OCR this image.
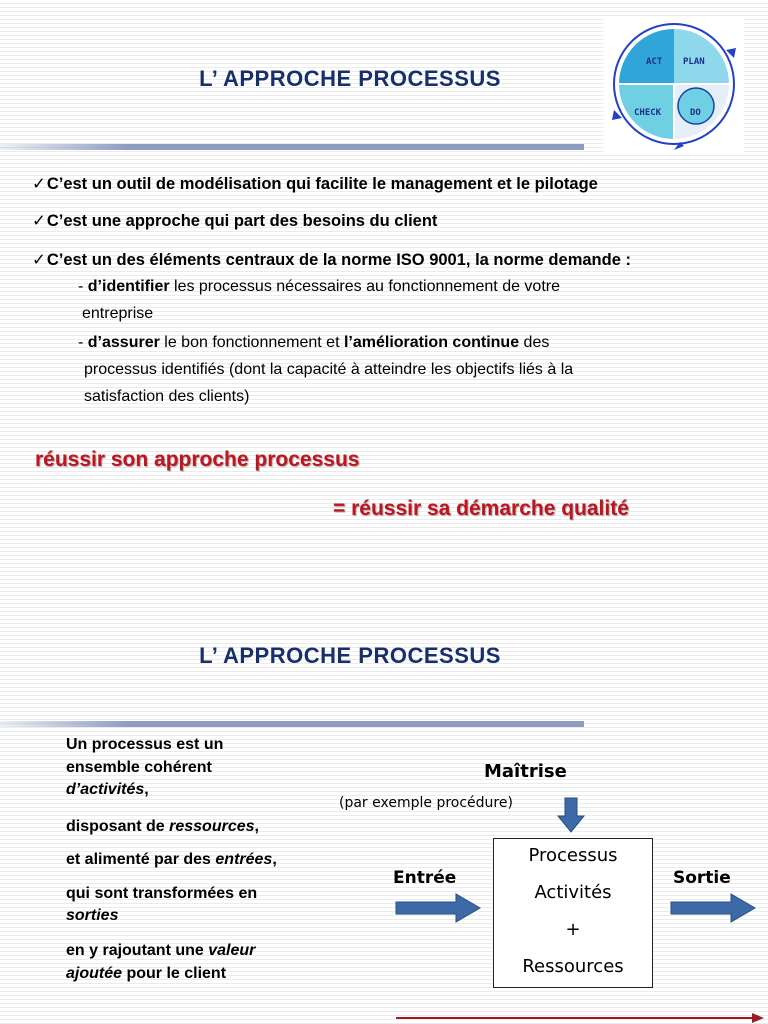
L’ APPROCHE PROCESSUS
ACT PLAN
CHECK	DO
✓C’est un outil de modélisation qui facilite le management et le pilotage
✓C’est une approche qui part des besoins du client
✓C’est un des éléments centraux de la norme ISO 9001, la norme demande :
- d’identifier les processus nécessaires au fonctionnement de votre
entreprise
- d’assurer le bon fonctionnement et l’amélioration continue des
processus identifiés (dont la capacité à atteindre les objectifs liés à la
satisfaction des clients)
réussir son approche processus
= réussir sa démarche qualité
L’ APPROCHE PROCESSUS
Un processus est un
ensemble cohérent
d’activités,
disposant de ressources,
et alimenté par des entrées,
qui sont transformées en
sorties
en y rajoutant une valeur
ajoutée pour le client
Maîtrise
(par exemple procédure)
Entrée	Sortie
Processus
Activités
+
Ressources
